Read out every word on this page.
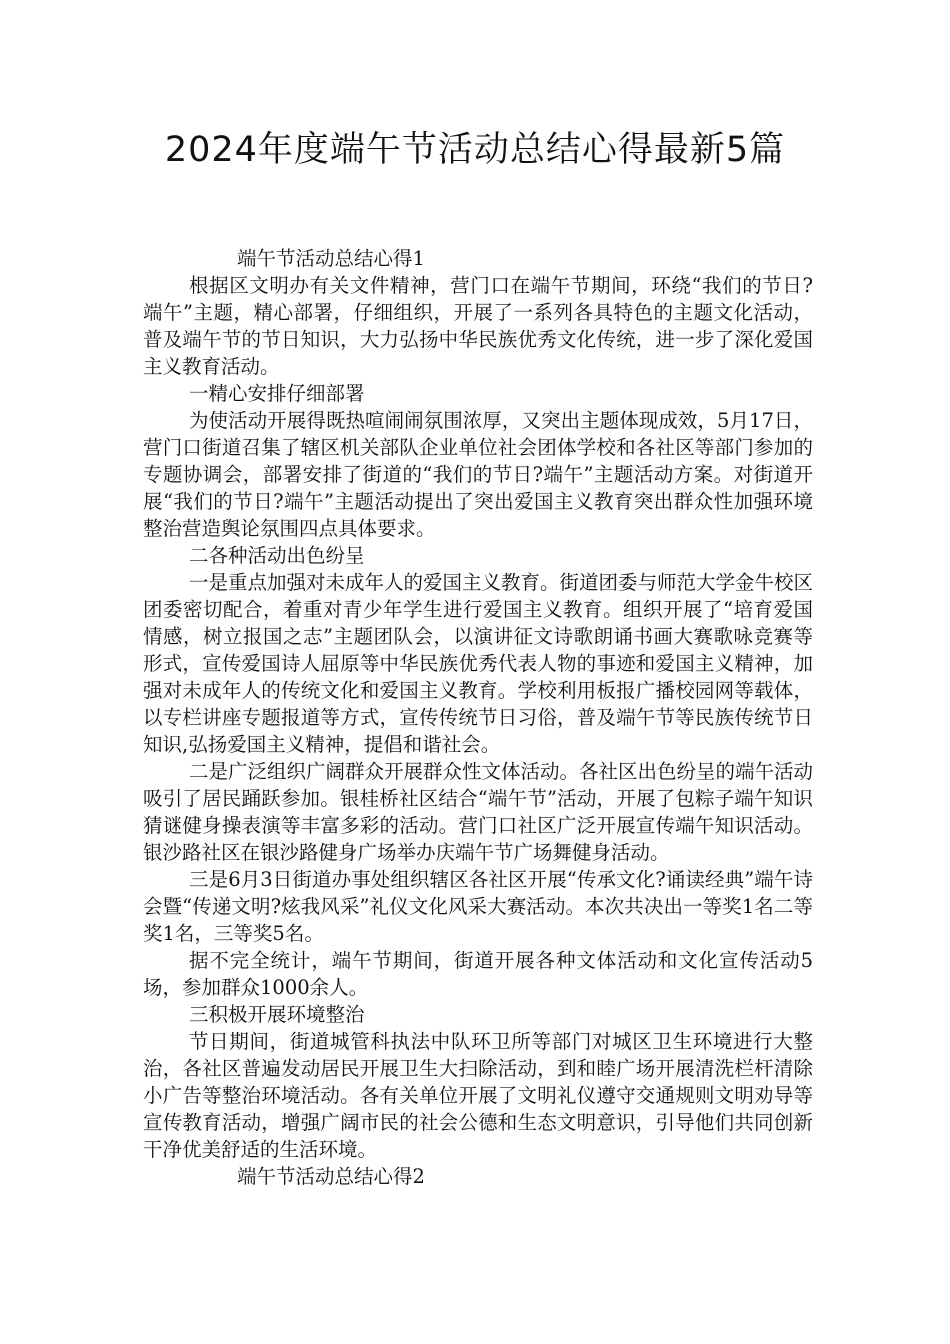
2024年度端午节活动总结心得最新5篇

端午节活动总结心得1

根据区文明办有关文件精神，营门口在端午节期间，环绕“我们的节日?端午”主题，精心部署，仔细组织，开展了一系列各具特色的主题文化活动，普及端午节的节日知识，大力弘扬中华民族优秀文化传统，进一步了深化爱国主义教育活动。

一精心安排仔细部署

为使活动开展得既热喧闹闹氛围浓厚，又突出主题体现成效，5月17日，营门口街道召集了辖区机关部队企业单位社会团体学校和各社区等部门参加的专题协调会，部署安排了街道的“我们的节日?端午”主题活动方案。对街道开展“我们的节日?端午”主题活动提出了突出爱国主义教育突出群众性加强环境整治营造舆论氛围四点具体要求。

二各种活动出色纷呈

一是重点加强对未成年人的爱国主义教育。街道团委与师范大学金牛校区团委密切配合，着重对青少年学生进行爱国主义教育。组织开展了“培育爱国情感，树立报国之志”主题团队会，以演讲征文诗歌朗诵书画大赛歌咏竞赛等形式，宣传爱国诗人屈原等中华民族优秀代表人物的事迹和爱国主义精神，加强对未成年人的传统文化和爱国主义教育。学校利用板报广播校园网等载体，以专栏讲座专题报道等方式，宣传传统节日习俗，普及端午节等民族传统节日知识,弘扬爱国主义精神，提倡和谐社会。

二是广泛组织广阔群众开展群众性文体活动。各社区出色纷呈的端午活动吸引了居民踊跃参加。银桂桥社区结合“端午节”活动，开展了包粽子端午知识猜谜健身操表演等丰富多彩的活动。营门口社区广泛开展宣传端午知识活动。银沙路社区在银沙路健身广场举办庆端午节广场舞健身活动。

三是6月3日街道办事处组织辖区各社区开展“传承文化?诵读经典”端午诗会暨“传递文明?炫我风采”礼仪文化风采大赛活动。本次共决出一等奖1名二等奖1名，三等奖5名。

据不完全统计，端午节期间，街道开展各种文体活动和文化宣传活动5场，参加群众1000余人。

三积极开展环境整治

节日期间，街道城管科执法中队环卫所等部门对城区卫生环境进行大整治，各社区普遍发动居民开展卫生大扫除活动，到和睦广场开展清洗栏杆清除小广告等整治环境活动。各有关单位开展了文明礼仪遵守交通规则文明劝导等宣传教育活动，增强广阔市民的社会公德和生态文明意识，引导他们共同创新干净优美舒适的生活环境。

端午节活动总结心得2
